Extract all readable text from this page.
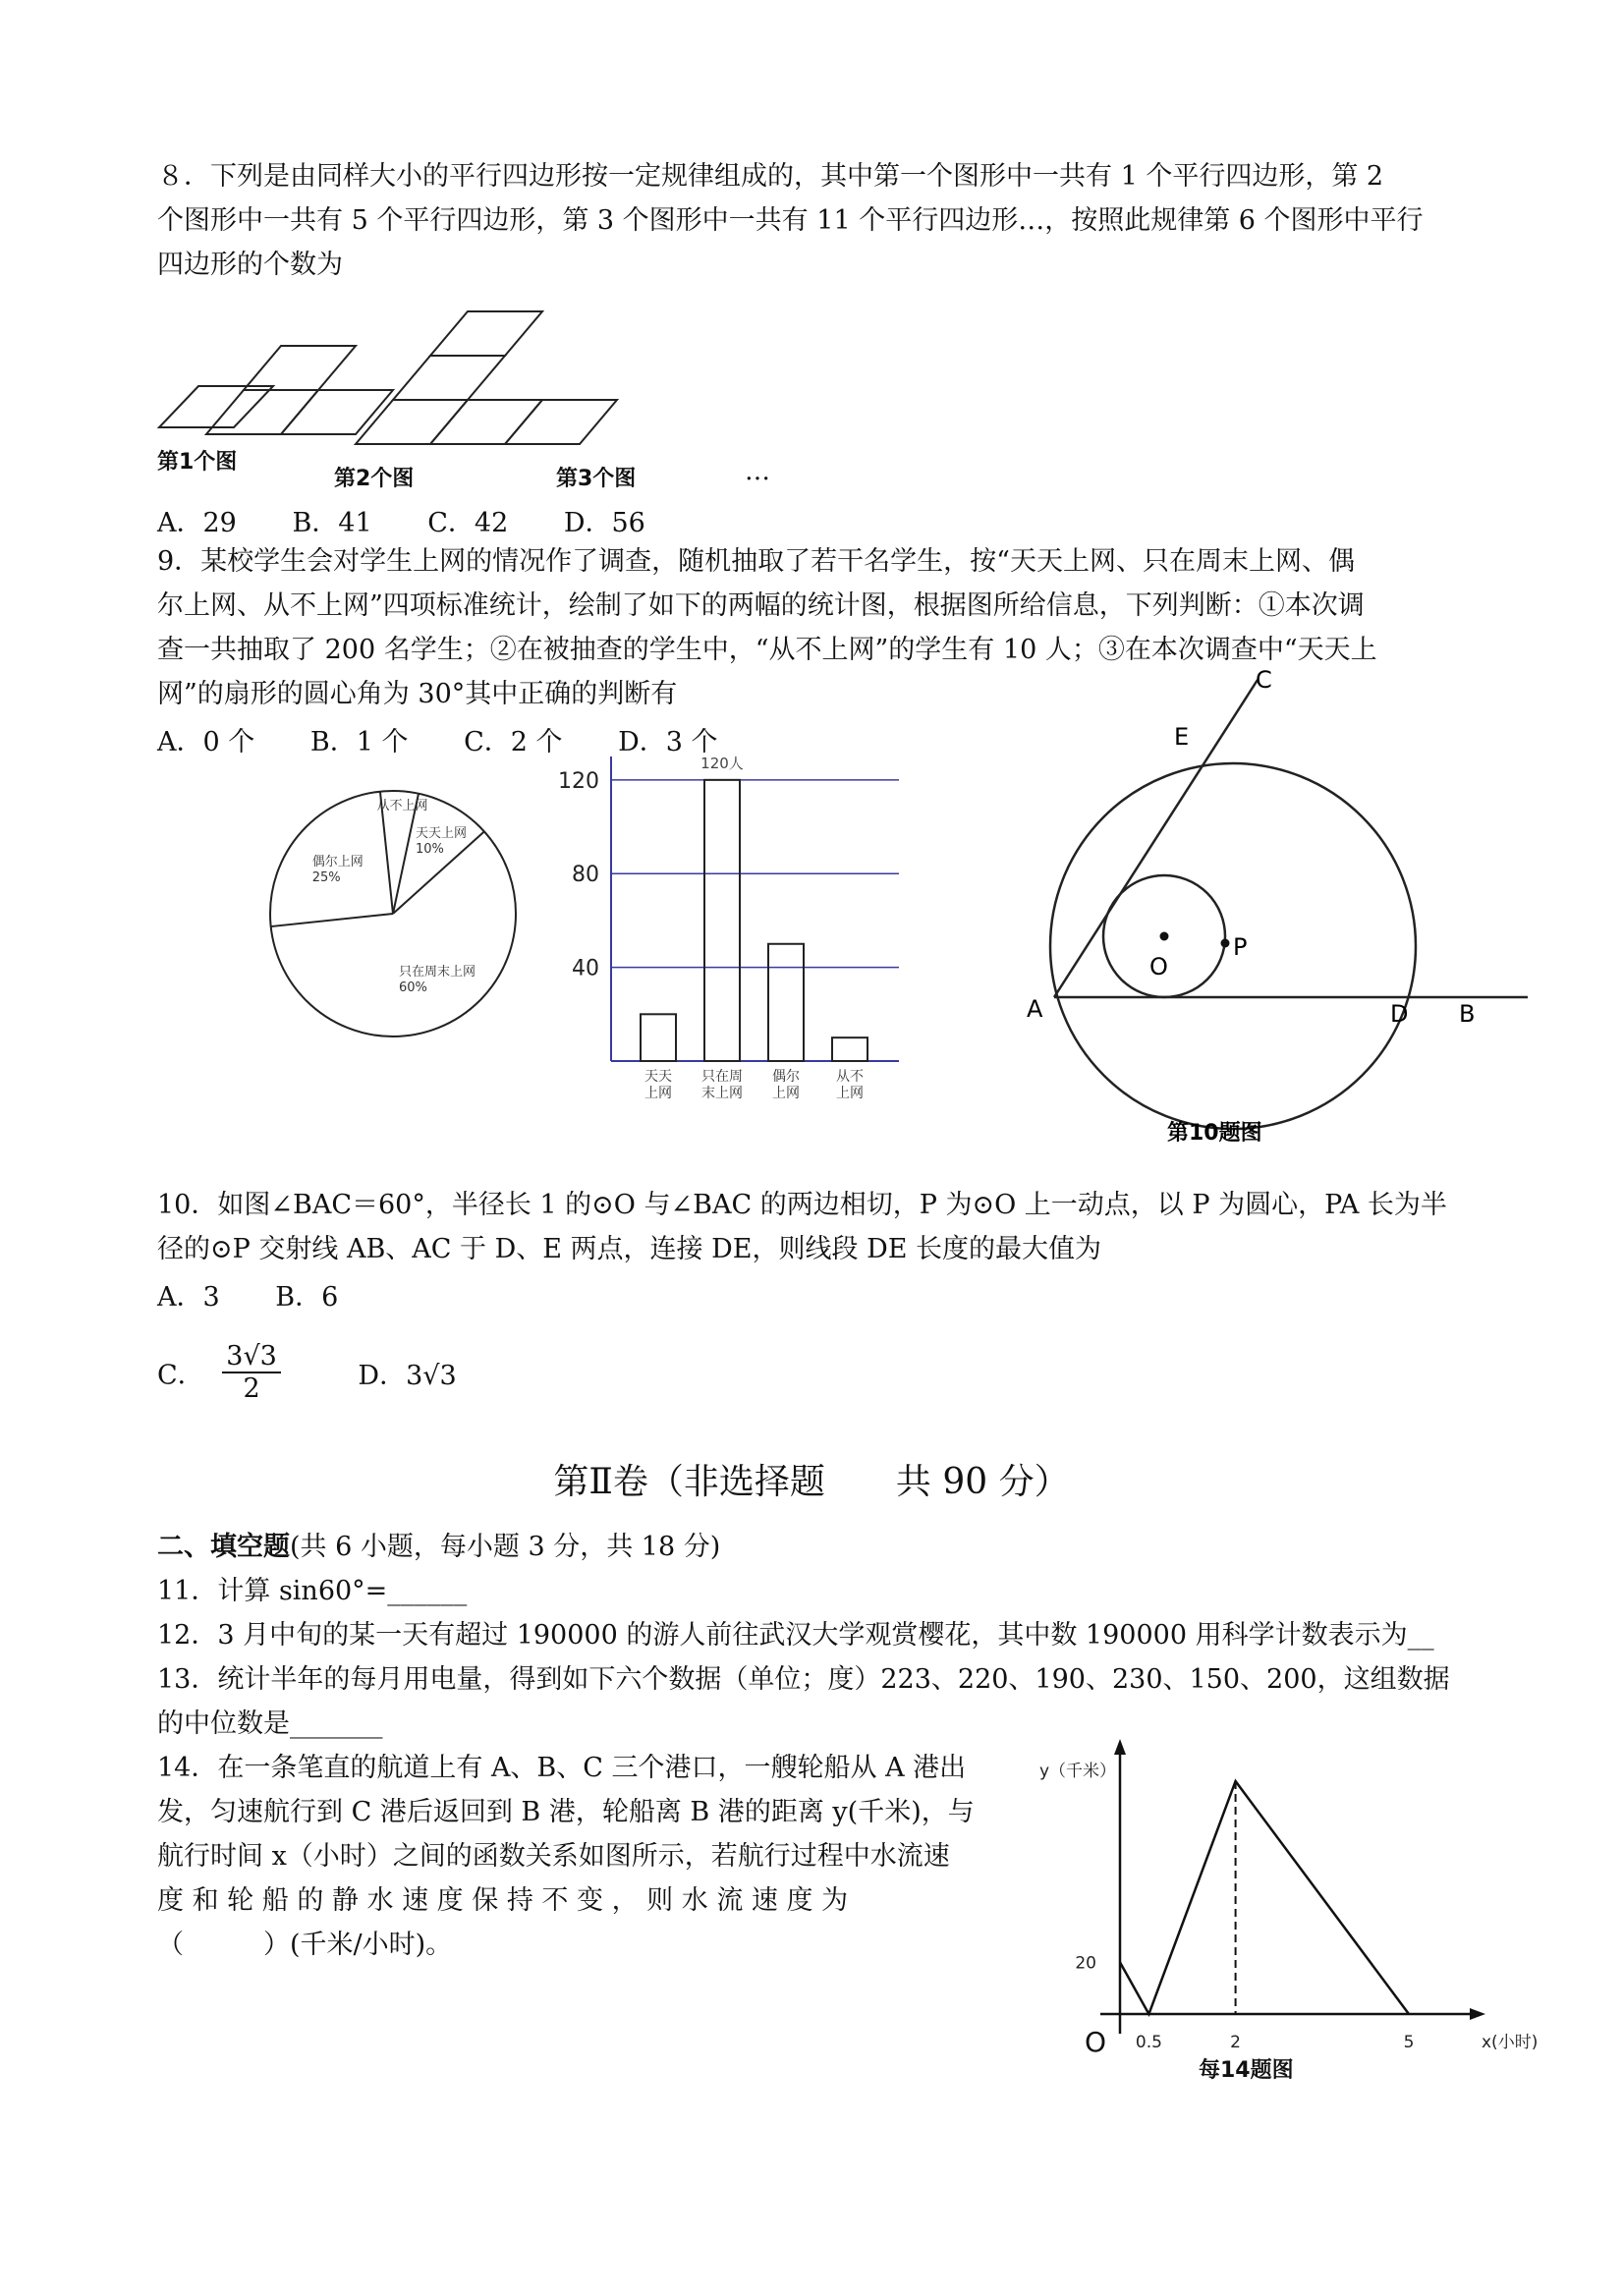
８．下列是由同样大小的平行四边形按一定规律组成的，其中第一个图形中一共有 1 个平行四边形，第 2
个图形中一共有 5 个平行四边形，第 3 个图形中一共有 11 个平行四边形…，按照此规律第 6 个图形中平行
四边形的个数为
第1个图
第2个图	第3个图	…
A．29 B．41 C．42 D．56
9．某校学生会对学生上网的情况作了调查，随机抽取了若干名学生，按“天天上网、只在周末上网、偶
尔上网、从不上网”四项标准统计，绘制了如下的两幅的统计图，根据图所给信息，下列判断：①本次调
查一共抽取了 200 名学生；②在被抽查的学生中，“从不上网”的学生有 10 人；③在本次调查中“天天上
网”的扇形的圆心角为 30°其中正确的判断有
A．0 个 B．1 个 C．2 个 D．3 个
天天上网
10%
只在周末上网
60%
偶尔上网
25%
从不上网
40
80
120
天天
上网
只在周
末上网
偶尔
上网
从不
上网
120人
A	B
C
D
E
O
P
第10题图
10．如图∠BAC＝60°，半径长 1 的⊙O 与∠BAC 的两边相切，P 为⊙O 上一动点，以 P 为圆心，PA 长为半
径的⊙P 交射线 AB、AC 于 D、E 两点，连接 DE，则线段 DE 长度的最大值为
A．3 B．6
C． $\frac{3√3}{2}$	D．3√3
第Ⅱ卷（非选择题　　共 90 分）
二、填空题(共 6 小题，每小题 3 分，共 18 分)
11．计算 sin60°=______
12．3 月中旬的某一天有超过 190000 的游人前往武汉大学观赏樱花，其中数 190000 用科学计数表示为__
13．统计半年的每月用电量，得到如下六个数据（单位；度）223、220、190、230、150、200，这组数据
的中位数是_______
14．在一条笔直的航道上有 A、B、C 三个港口，一艘轮船从 A 港出
发，匀速航行到 C 港后返回到 B 港，轮船离 B 港的距离 y(千米)，与
航行时间 x（小时）之间的函数关系如图所示，若航行过程中水流速
度 和 轮 船 的 静 水 速 度 保 持 不 变 ， 则 水 流 速 度 为
（　　　）(千米/小时)。
0.5	2	5
20
O
y（千米）
x(小时)
每14题图
